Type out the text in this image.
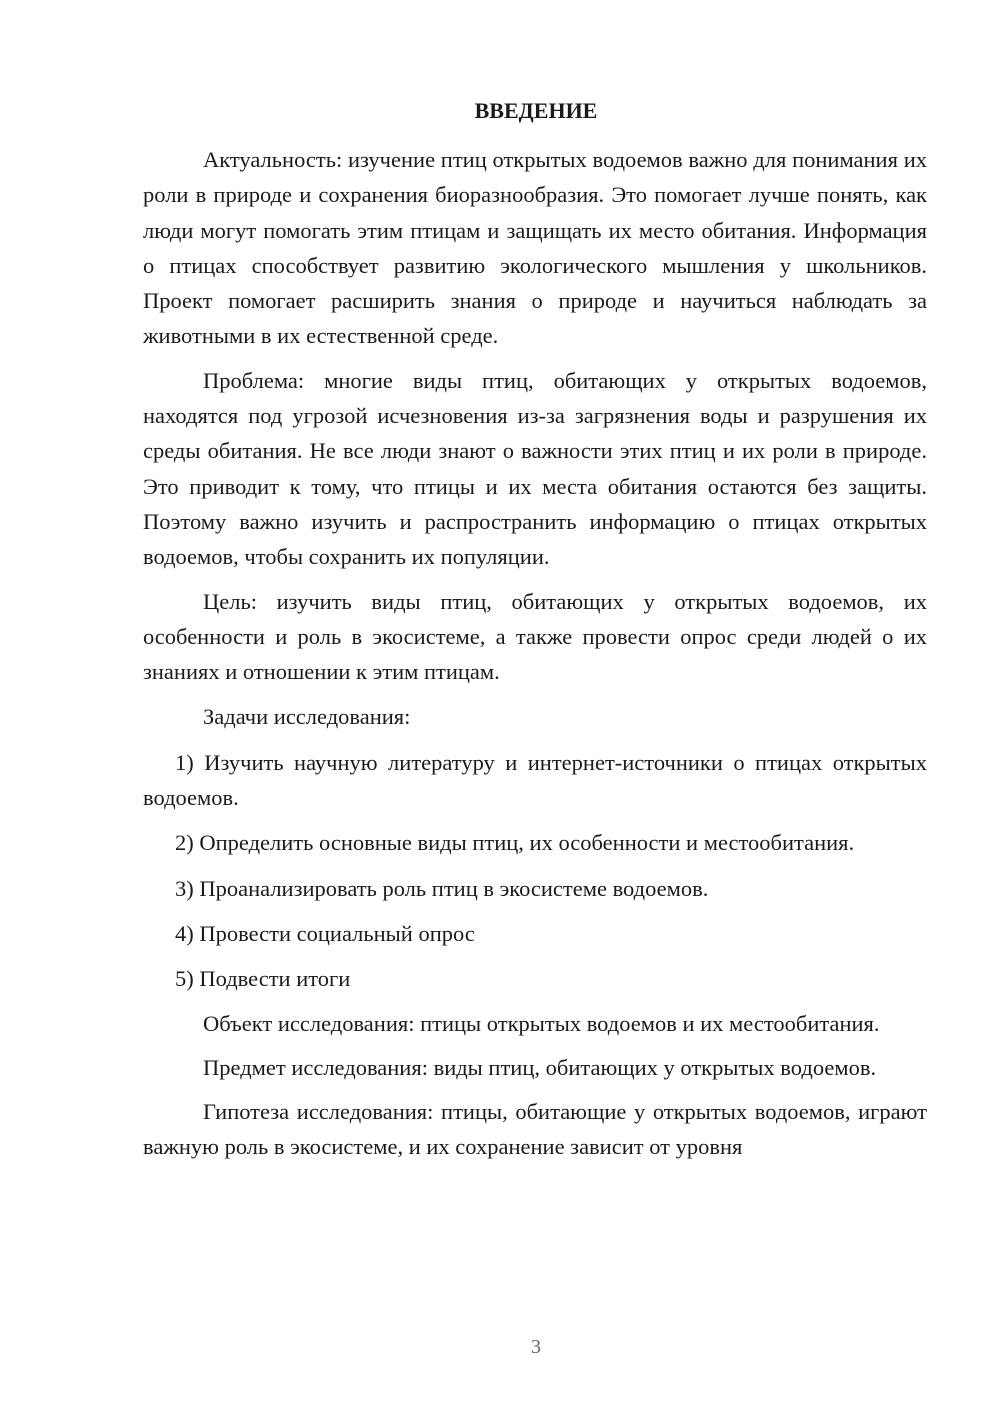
ВВЕДЕНИЕ

Актуальность: изучение птиц открытых водоемов важно для понимания их роли в природе и сохранения биоразнообразия. Это помогает лучше понять, как люди могут помогать этим птицам и защищать их место обитания. Информация о птицах способствует развитию экологического мышления у школьников. Проект помогает расширить знания о природе и научиться наблюдать за животными в их естественной среде.

Проблема: многие виды птиц, обитающих у открытых водоемов, находятся под угрозой исчезновения из-за загрязнения воды и разрушения их среды обитания. Не все люди знают о важности этих птиц и их роли в природе. Это приводит к тому, что птицы и их места обитания остаются без защиты. Поэтому важно изучить и распространить информацию о птицах открытых водоемов, чтобы сохранить их популяции.

Цель: изучить виды птиц, обитающих у открытых водоемов, их особенности и роль в экосистеме, а также провести опрос среди людей о их знаниях и отношении к этим птицам.

Задачи исследования:

1) Изучить научную литературу и интернет-источники о птицах открытых водоемов.

2) Определить основные виды птиц, их особенности и местообитания.

3) Проанализировать роль птиц в экосистеме водоемов.

4) Провести социальный опрос

5) Подвести итоги

Объект исследования: птицы открытых водоемов и их местообитания.

Предмет исследования: виды птиц, обитающих у открытых водоемов.

Гипотеза исследования: птицы, обитающие у открытых водоемов, играют важную роль в экосистеме, и их сохранение зависит от уровня

3
